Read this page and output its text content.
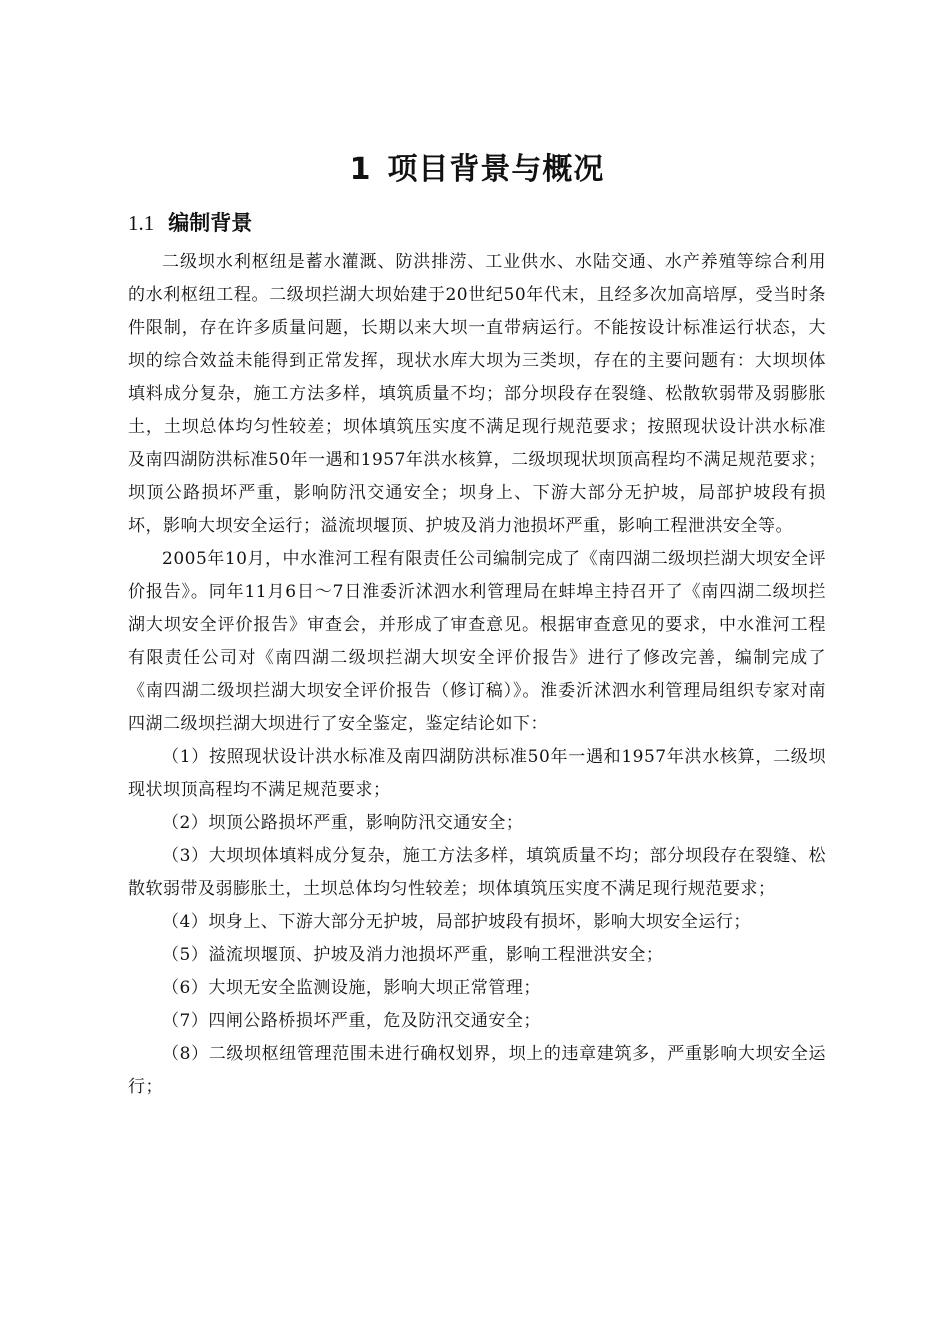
1 项目背景与概况
1.1 编制背景

二级坝水利枢纽是蓄水灌溉、防洪排涝、工业供水、水陆交通、水产养殖等综合利用的水利枢纽工程。二级坝拦湖大坝始建于20世纪50年代末，且经多次加高培厚，受当时条件限制，存在许多质量问题，长期以来大坝一直带病运行。不能按设计标准运行状态，大坝的综合效益未能得到正常发挥，现状水库大坝为三类坝，存在的主要问题有：大坝坝体填料成分复杂，施工方法多样，填筑质量不均；部分坝段存在裂缝、松散软弱带及弱膨胀土，土坝总体均匀性较差；坝体填筑压实度不满足现行规范要求；按照现状设计洪水标准及南四湖防洪标准50年一遇和1957年洪水核算，二级坝现状坝顶高程均不满足规范要求；坝顶公路损坏严重，影响防汛交通安全；坝身上、下游大部分无护坡，局部护坡段有损坏，影响大坝安全运行；溢流坝堰顶、护坡及消力池损坏严重，影响工程泄洪安全等。

2005年10月，中水淮河工程有限责任公司编制完成了《南四湖二级坝拦湖大坝安全评价报告》。同年11月6日～7日淮委沂沭泗水利管理局在蚌埠主持召开了《南四湖二级坝拦湖大坝安全评价报告》审查会，并形成了审查意见。根据审查意见的要求，中水淮河工程有限责任公司对《南四湖二级坝拦湖大坝安全评价报告》进行了修改完善，编制完成了《南四湖二级坝拦湖大坝安全评价报告（修订稿）》。淮委沂沭泗水利管理局组织专家对南四湖二级坝拦湖大坝进行了安全鉴定，鉴定结论如下：

（1）按照现状设计洪水标准及南四湖防洪标准50年一遇和1957年洪水核算，二级坝现状坝顶高程均不满足规范要求；

（2）坝顶公路损坏严重，影响防汛交通安全；

（3）大坝坝体填料成分复杂，施工方法多样，填筑质量不均；部分坝段存在裂缝、松散软弱带及弱膨胀土，土坝总体均匀性较差；坝体填筑压实度不满足现行规范要求；

（4）坝身上、下游大部分无护坡，局部护坡段有损坏，影响大坝安全运行；

（5）溢流坝堰顶、护坡及消力池损坏严重，影响工程泄洪安全；

（6）大坝无安全监测设施，影响大坝正常管理；

（7）四闸公路桥损坏严重，危及防汛交通安全；

（8）二级坝枢纽管理范围未进行确权划界，坝上的违章建筑多，严重影响大坝安全运行；
